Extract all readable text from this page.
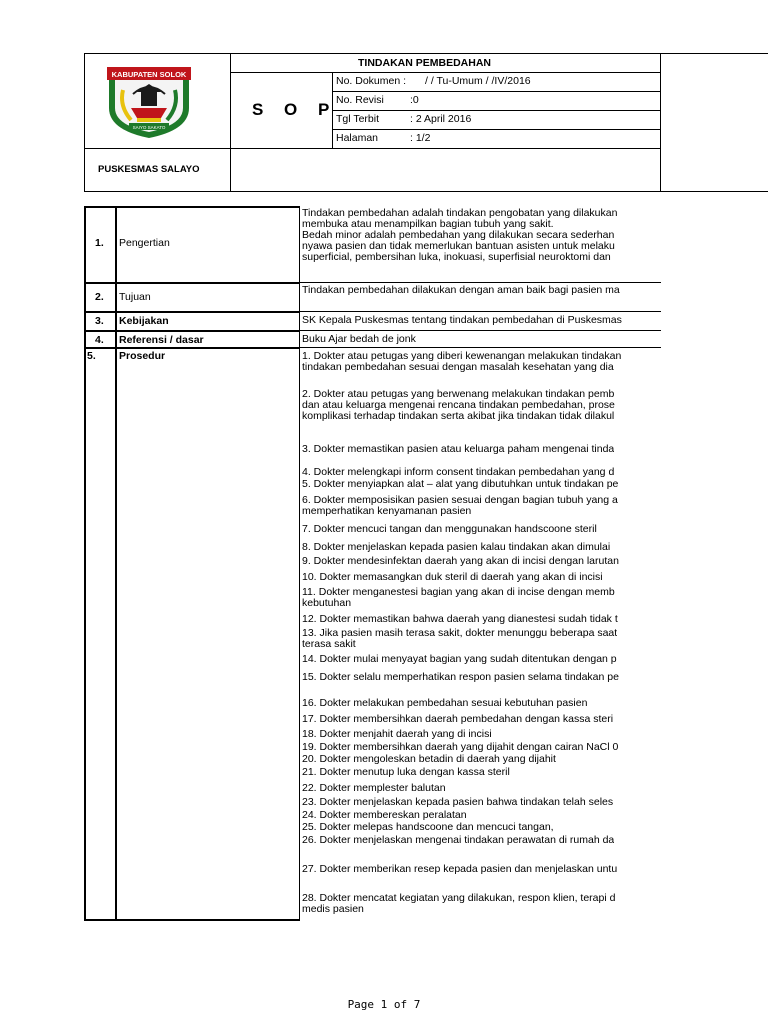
KABUPATEN SOLOK
SAIYO SAKATO
TINDAKAN PEMBEDAHAN
S O P
PUSKESMAS SALAYO
No. Dokumen : / / Tu-Umum / /IV/2016
No. Revisi :0
Tgl Terbit	: 2 April 2016
Halaman	: 1/2
1. Pengertian
2. Tujuan
3. Kebijakan
4. Referensi / dasar
5. Prosedur
Tindakan pembedahan adalah tindakan pengobatan yang dilakukan
membuka atau menampilkan bagian tubuh yang sakit.
Bedah minor adalah pembedahan yang dilakukan secara sederhan
nyawa pasien dan tidak memerlukan bantuan asisten untuk melaku
superficial, pembersihan luka, inokuasi, superfisial neuroktomi dan
Tindakan pembedahan dilakukan dengan aman baik bagi pasien ma
SK Kepala Puskesmas tentang tindakan pembedahan di Puskesmas
Buku Ajar bedah de jonk
1. Dokter atau petugas yang diberi kewenangan melakukan tindakan
tindakan pembedahan sesuai dengan masalah kesehatan yang dia
2. Dokter atau petugas yang berwenang melakukan tindakan pemb
dan atau keluarga mengenai rencana tindakan pembedahan, prose
komplikasi terhadap tindakan serta akibat jika tindakan tidak dilakul
3. Dokter memastikan pasien atau keluarga paham mengenai tinda
4. Dokter melengkapi inform consent tindakan pembedahan yang d
5. Dokter menyiapkan alat – alat yang dibutuhkan untuk tindakan pe
6. Dokter memposisikan pasien sesuai dengan bagian tubuh yang a
memperhatikan kenyamanan pasien
7. Dokter mencuci tangan dan menggunakan handscoone steril
8. Dokter menjelaskan kepada pasien kalau tindakan akan dimulai
9. Dokter mendesinfektan daerah yang akan di incisi dengan larutan
10. Dokter memasangkan duk steril di daerah yang akan di incisi
11. Dokter menganestesi bagian yang akan di incise dengan memb
kebutuhan
12. Dokter memastikan bahwa daerah yang dianestesi sudah tidak t
13. Jika pasien masih terasa sakit, dokter menunggu beberapa saat
terasa sakit
14. Dokter mulai menyayat bagian yang sudah ditentukan dengan p
15. Dokter selalu memperhatikan respon pasien selama tindakan pe
16. Dokter melakukan pembedahan sesuai kebutuhan pasien
17. Dokter membersihkan daerah pembedahan dengan kassa steri
18. Dokter menjahit daerah yang di incisi
19. Dokter membersihkan daerah yang dijahit dengan cairan NaCl 0
20. Dokter mengoleskan betadin di daerah yang dijahit
21. Dokter menutup luka dengan kassa steril
22. Dokter memplester balutan
23. Dokter menjelaskan kepada pasien bahwa tindakan telah seles
24. Dokter membereskan peralatan
25. Dokter melepas handscoone dan mencuci tangan,
26. Dokter menjelaskan mengenai tindakan perawatan di rumah da
27. Dokter memberikan resep kepada pasien dan menjelaskan untu
28. Dokter mencatat kegiatan yang dilakukan, respon klien, terapi d
medis pasien
Page 1 of 7
